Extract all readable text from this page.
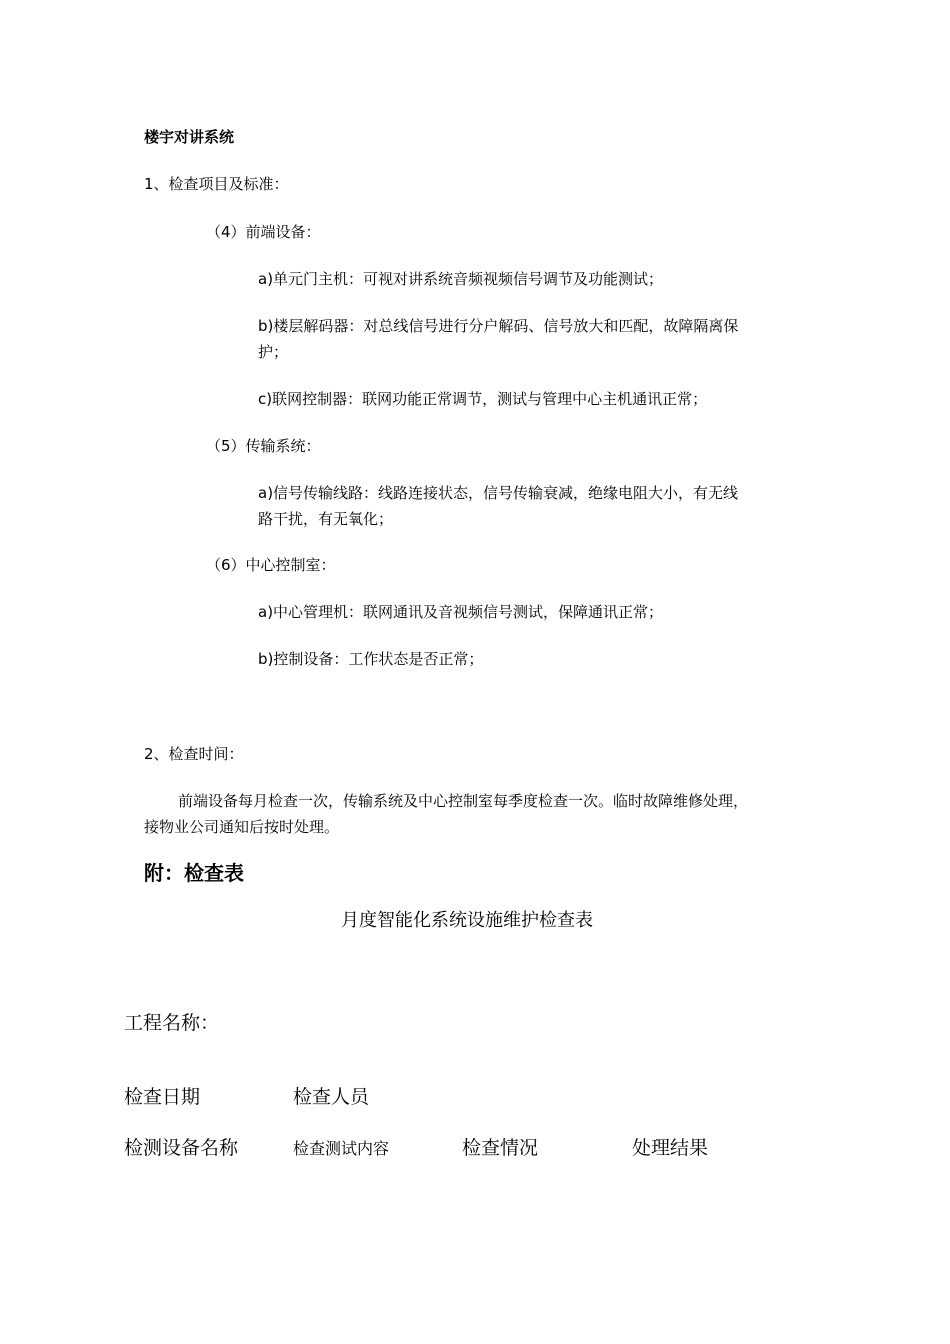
楼宇对讲系统
1、检查项目及标准：
（4）前端设备：
a)单元门主机：可视对讲系统音频视频信号调节及功能测试；
b)楼层解码器：对总线信号进行分户解码、信号放大和匹配，故障隔离保
护；
c)联网控制器：联网功能正常调节，测试与管理中心主机通讯正常；
（5）传输系统：
a)信号传输线路：线路连接状态，信号传输衰减，绝缘电阻大小，有无线
路干扰，有无氧化；
（6）中心控制室：
a)中心管理机：联网通讯及音视频信号测试，保障通讯正常；
b)控制设备：工作状态是否正常；
2、检查时间：
前端设备每月检查一次，传输系统及中心控制室每季度检查一次。临时故障维修处理，
接物业公司通知后按时处理。
附：检查表
月度智能化系统设施维护检查表
工程名称：
检查日期	检查人员
检测设备名称	检查测试内容	检查情况	处理结果
